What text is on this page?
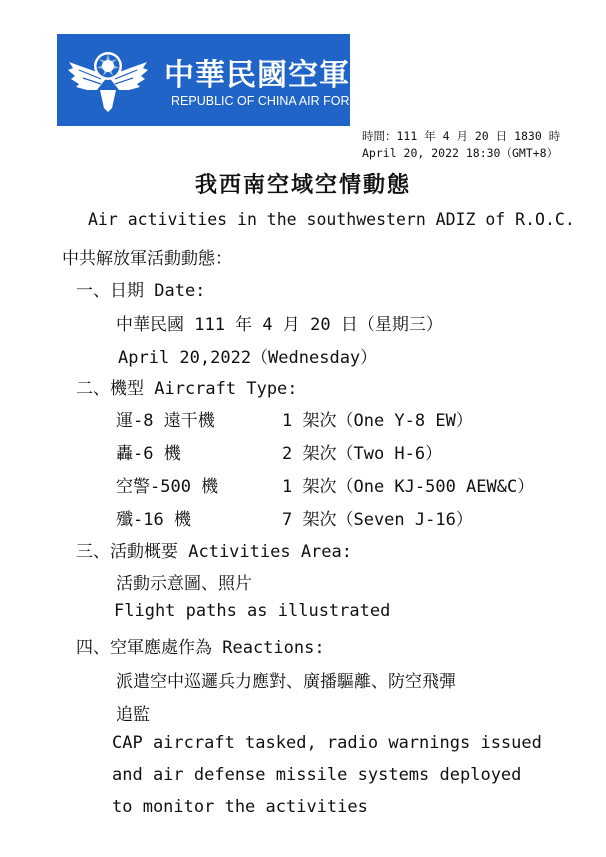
中華民國空軍
REPUBLIC OF CHINA AIR FORCE
時間：111 年 4 月 20 日 1830 時
April 20, 2022 18:30（GMT+8）
我西南空域空情動態
Air activities in the southwestern ADIZ of R.O.C.
中共解放軍活動動態：
一、日期 Date:
中華民國 111 年 4 月 20 日（星期三）
April 20,2022（Wednesday）
二、機型 Aircraft Type:
運-8 遠干機	1 架次（One Y-8 EW）
轟-6 機	2 架次（Two H-6）
空警-500 機	1 架次（One KJ-500 AEW&C）
殲-16 機	7 架次（Seven J-16）
三、活動概要 Activities Area:
活動示意圖、照片
Flight paths as illustrated
四、空軍應處作為 Reactions:
派遣空中巡邏兵力應對、廣播驅離、防空飛彈
追監
CAP aircraft tasked, radio warnings issued
and air defense missile systems deployed
to monitor the activities
